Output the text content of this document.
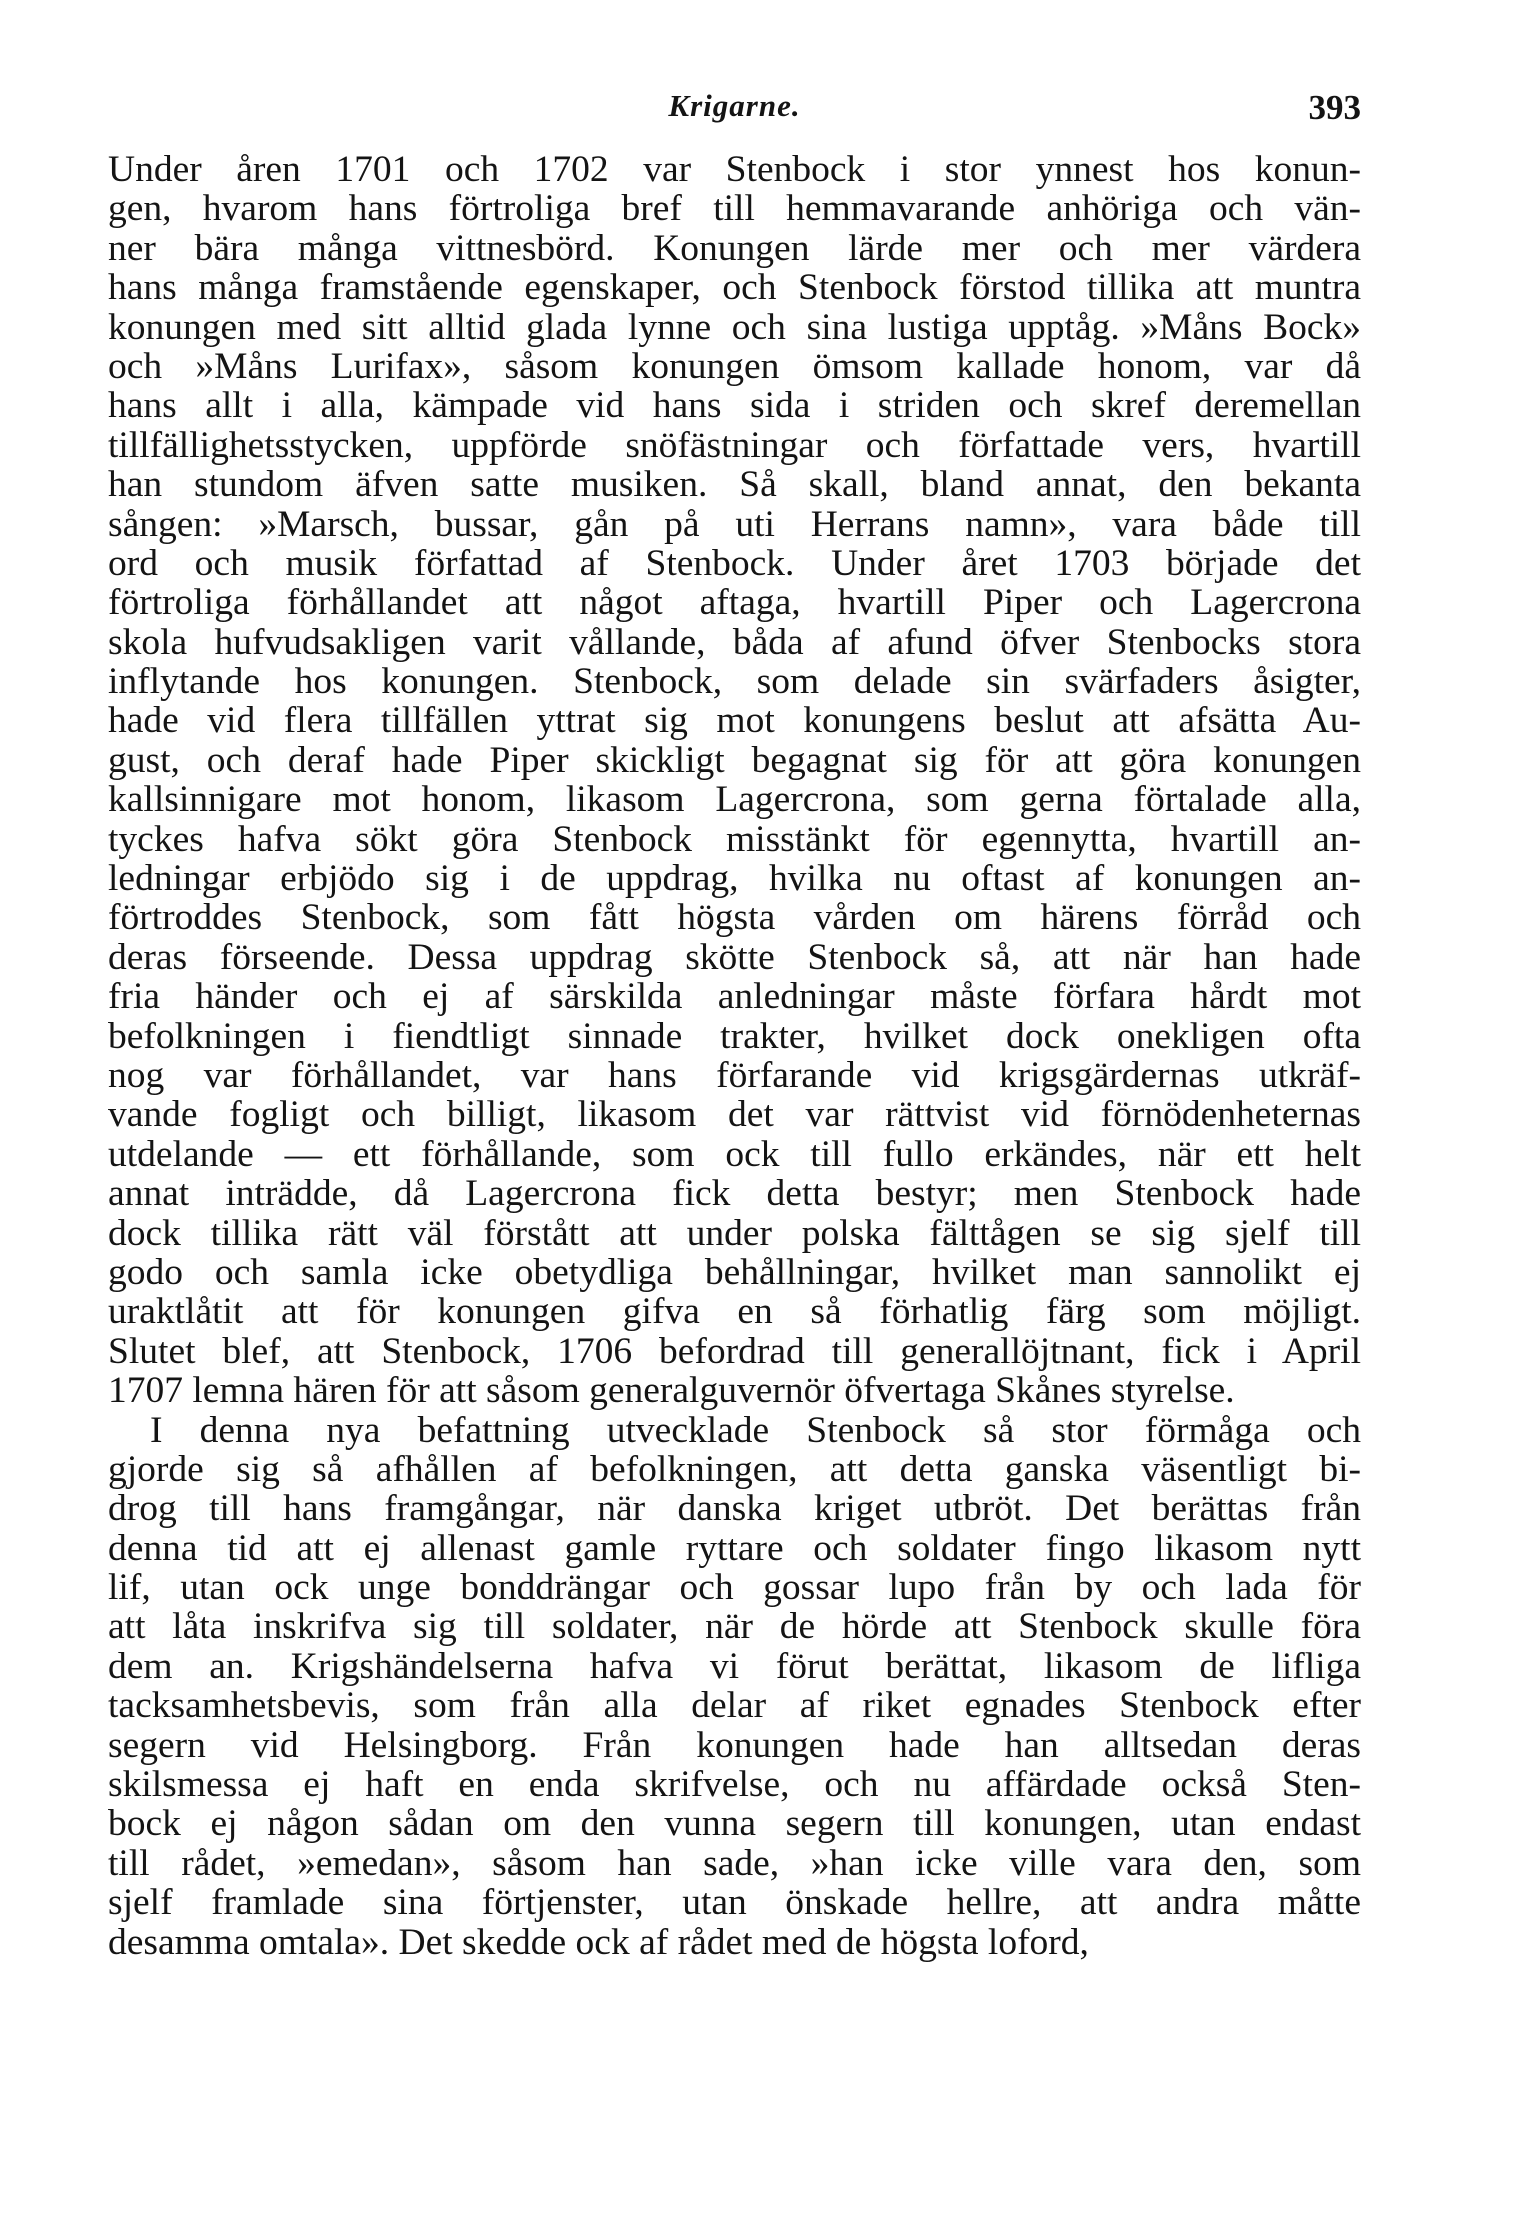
Krigarne.	393
Under åren 1701 och 1702 var Stenbock i stor ynnest hos konun-
gen, hvarom hans förtroliga bref till hemmavarande anhöriga och vän-
ner bära många vittnesbörd. Konungen lärde mer och mer värdera
hans många framstående egenskaper, och Stenbock förstod tillika att muntra
konungen med sitt alltid glada lynne och sina lustiga upptåg. »Måns Bock»
och »Måns Lurifax», såsom konungen ömsom kallade honom, var då
hans allt i alla, kämpade vid hans sida i striden och skref deremellan
tillfällighetsstycken, uppförde snöfästningar och författade vers, hvartill
han stundom äfven satte musiken. Så skall, bland annat, den bekanta
sången: »Marsch, bussar, gån på uti Herrans namn», vara både till
ord och musik författad af Stenbock. Under året 1703 började det
förtroliga förhållandet att något aftaga, hvartill Piper och Lagercrona
skola hufvudsakligen varit vållande, båda af afund öfver Stenbocks stora
inflytande hos konungen. Stenbock, som delade sin svärfaders åsigter,
hade vid flera tillfällen yttrat sig mot konungens beslut att afsätta Au-
gust, och deraf hade Piper skickligt begagnat sig för att göra konungen
kallsinnigare mot honom, likasom Lagercrona, som gerna förtalade alla,
tyckes hafva sökt göra Stenbock misstänkt för egennytta, hvartill an-
ledningar erbjödo sig i de uppdrag, hvilka nu oftast af konungen an-
förtroddes Stenbock, som fått högsta vården om härens förråd och
deras förseende. Dessa uppdrag skötte Stenbock så, att när han hade
fria händer och ej af särskilda anledningar måste förfara hårdt mot
befolkningen i fiendtligt sinnade trakter, hvilket dock onekligen ofta
nog var förhållandet, var hans förfarande vid krigsgärdernas utkräf-
vande fogligt och billigt, likasom det var rättvist vid förnödenheternas
utdelande — ett förhållande, som ock till fullo erkändes, när ett helt
annat inträdde, då Lagercrona fick detta bestyr; men Stenbock hade
dock tillika rätt väl förstått att under polska fälttågen se sig sjelf till
godo och samla icke obetydliga behållningar, hvilket man sannolikt ej
uraktlåtit att för konungen gifva en så förhatlig färg som möjligt.
Slutet blef, att Stenbock, 1706 befordrad till generallöjtnant, fick i April
1707 lemna hären för att såsom generalguvernör öfvertaga Skånes styrelse.
I denna nya befattning utvecklade Stenbock så stor förmåga och
gjorde sig så afhållen af befolkningen, att detta ganska väsentligt bi-
drog till hans framgångar, när danska kriget utbröt. Det berättas från
denna tid att ej allenast gamle ryttare och soldater fingo likasom nytt
lif, utan ock unge bonddrängar och gossar lupo från by och lada för
att låta inskrifva sig till soldater, när de hörde att Stenbock skulle föra
dem an. Krigshändelserna hafva vi förut berättat, likasom de lifliga
tacksamhetsbevis, som från alla delar af riket egnades Stenbock efter
segern vid Helsingborg. Från konungen hade han alltsedan deras
skilsmessa ej haft en enda skrifvelse, och nu affärdade också Sten-
bock ej någon sådan om den vunna segern till konungen, utan endast
till rådet, »emedan», såsom han sade, »han icke ville vara den, som
sjelf framlade sina förtjenster, utan önskade hellre, att andra måtte
desamma omtala». Det skedde ock af rådet med de högsta loford,
